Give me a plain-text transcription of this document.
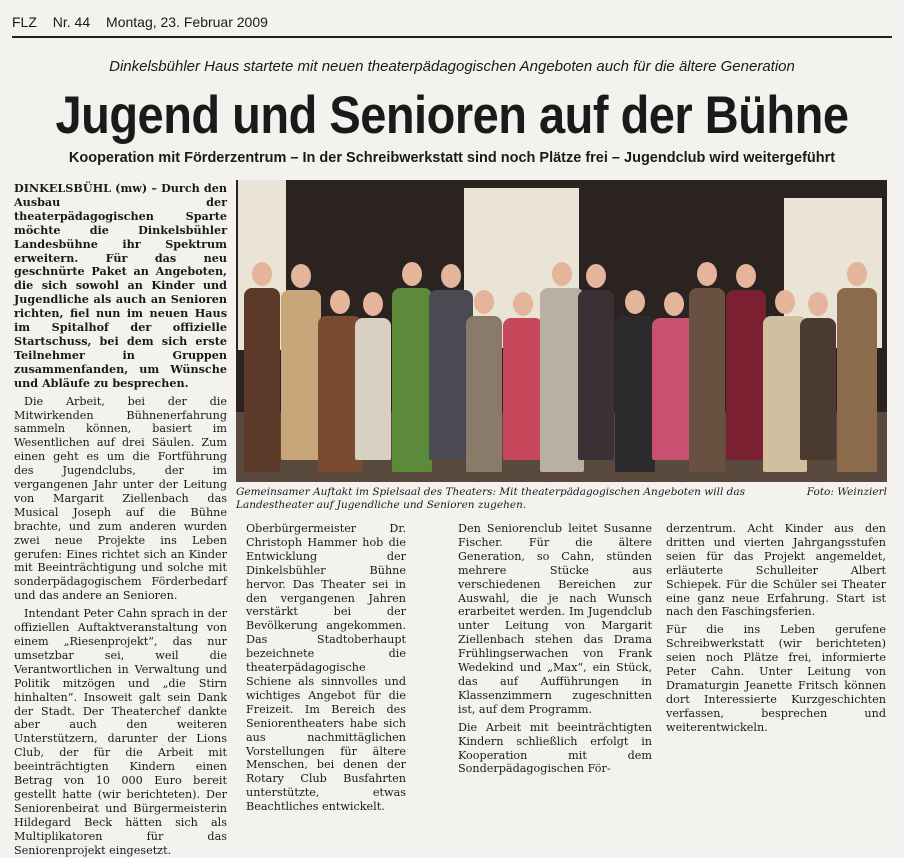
FLZ Nr. 44 Montag, 23. Februar 2009
Dinkelsbühler Haus startete mit neuen theaterpädagogischen Angeboten auch für die ältere Generation
Jugend und Senioren auf der Bühne
Kooperation mit Förderzentrum – In der Schreibwerkstatt sind noch Plätze frei – Jugendclub wird weitergeführt

DINKELSBÜHL (mw) – Durch den Ausbau der theaterpädagogischen Sparte möchte die Dinkelsbühler Landesbühne ihr Spektrum erweitern. Für das neu geschnürte Paket an Angeboten, die sich sowohl an Kinder und Jugendliche als auch an Senioren richten, fiel nun im neuen Haus im Spitalhof der offizielle Startschuss, bei dem sich erste Teilnehmer in Gruppen zusammenfanden, um Wünsche und Abläufe zu besprechen.

Die Arbeit, bei der die Mitwirkenden Bühnenerfahrung sammeln können, basiert im Wesentlichen auf drei Säulen. Zum einen geht es um die Fortführung des Jugendclubs, der im vergangenen Jahr unter der Leitung von Margarit Ziellenbach das Musical Joseph auf die Bühne brachte, und zum anderen wurden zwei neue Projekte ins Leben gerufen: Eines richtet sich an Kinder mit Beeinträchtigung und solche mit sonderpädagogischem Förderbedarf und das andere an Senioren.

Intendant Peter Cahn sprach in der offiziellen Auftaktveranstaltung von einem „Riesenprojekt“, das nur umsetzbar sei, weil die Verantwortlichen in Verwaltung und Politik mitzögen und „die Stirn hinhalten“. Insoweit galt sein Dank der Stadt. Der Theaterchef dankte aber auch den weiteren Unterstützern, darunter der Lions Club, der für die Arbeit mit beeinträchtigten Kindern einen Betrag von 10 000 Euro bereit gestellt hatte (wir berichteten). Der Seniorenbeirat und Bürgermeisterin Hildegard Beck hätten sich als Multiplikatoren für das Seniorenprojekt eingesetzt.

Foto: Weinzierl
Gemeinsamer Auftakt im Spielsaal des Theaters: Mit theaterpädagogischen Angeboten will das Landestheater auf Jugendliche und Senioren zugehen.

Oberbürgermeister Dr. Christoph Hammer hob die Entwicklung der Dinkelsbühler Bühne hervor. Das Theater sei in den vergangenen Jahren verstärkt bei der Bevölkerung angekommen. Das Stadtoberhaupt bezeichnete die theaterpädagogische Schiene als sinnvolles und wichtiges Angebot für die Freizeit. Im Bereich des Seniorentheaters habe sich aus nachmittäglichen Vorstellungen für ältere Menschen, bei denen der Rotary Club Busfahrten unterstützte, etwas Beachtliches entwickelt.

Den Seniorenclub leitet Susanne Fischer. Für die ältere Generation, so Cahn, stünden mehrere Stücke aus verschiedenen Bereichen zur Auswahl, die je nach Wunsch erarbeitet werden. Im Jugendclub unter Leitung von Margarit Ziellenbach stehen das Drama Frühlingserwachen von Frank Wedekind und „Max“, ein Stück, das auf Aufführungen in Klassenzimmern zugeschnitten ist, auf dem Programm.

Die Arbeit mit beeinträchtigten Kindern schließlich erfolgt in Kooperation mit dem Sonderpädagogischen För-

derzentrum. Acht Kinder aus den dritten und vierten Jahrgangsstufen seien für das Projekt angemeldet, erläuterte Schulleiter Albert Schiepek. Für die Schüler sei Theater eine ganz neue Erfahrung. Start ist nach den Faschingsferien.

Für die ins Leben gerufene Schreibwerkstatt (wir berichteten) seien noch Plätze frei, informierte Peter Cahn. Unter Leitung von Dramaturgin Jeanette Fritsch können dort Interessierte Kurzgeschichten verfassen, besprechen und weiterentwickeln.
